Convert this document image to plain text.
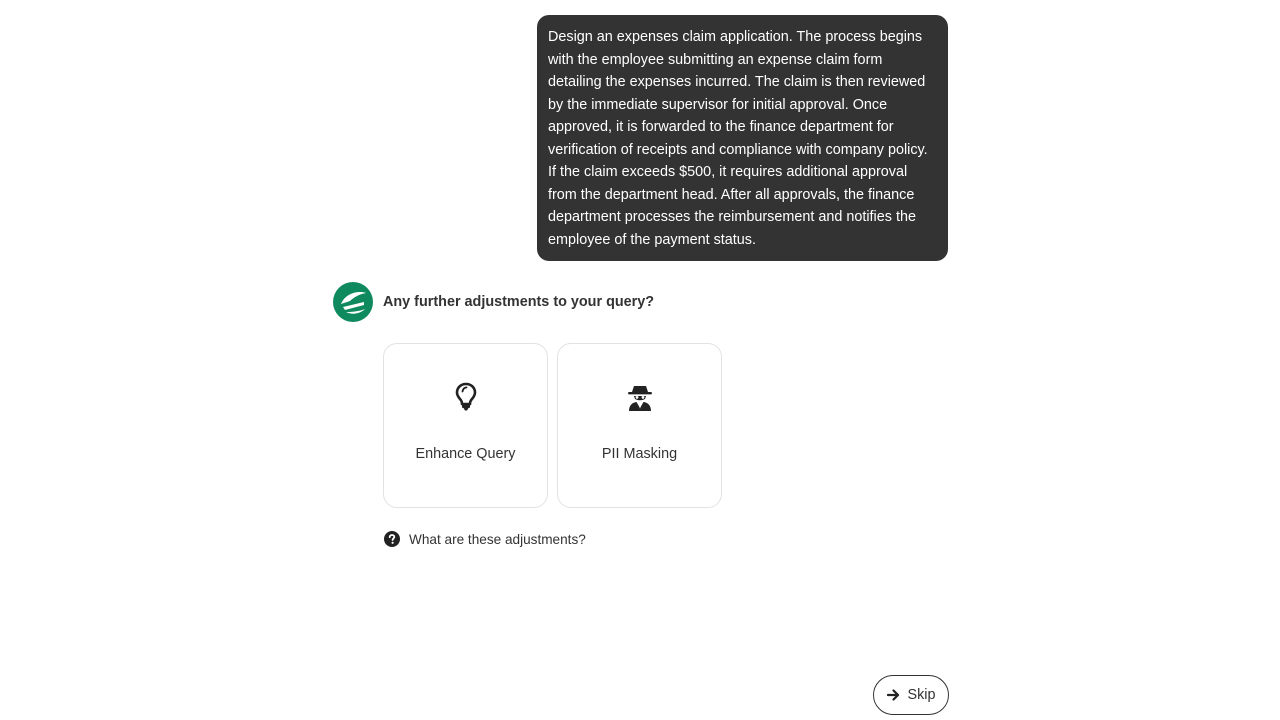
Design an expenses claim application. The process begins with the employee submitting an expense claim form detailing the expenses incurred. The claim is then reviewed by the immediate supervisor for initial approval. Once approved, it is forwarded to the finance department for verification of receipts and compliance with company policy. If the claim exceeds $500, it requires additional approval from the department head. After all approvals, the finance department processes the reimbursement and notifies the employee of the payment status.
Any further adjustments to your query?
Enhance Query	PII Masking
What are these adjustments?
Skip
